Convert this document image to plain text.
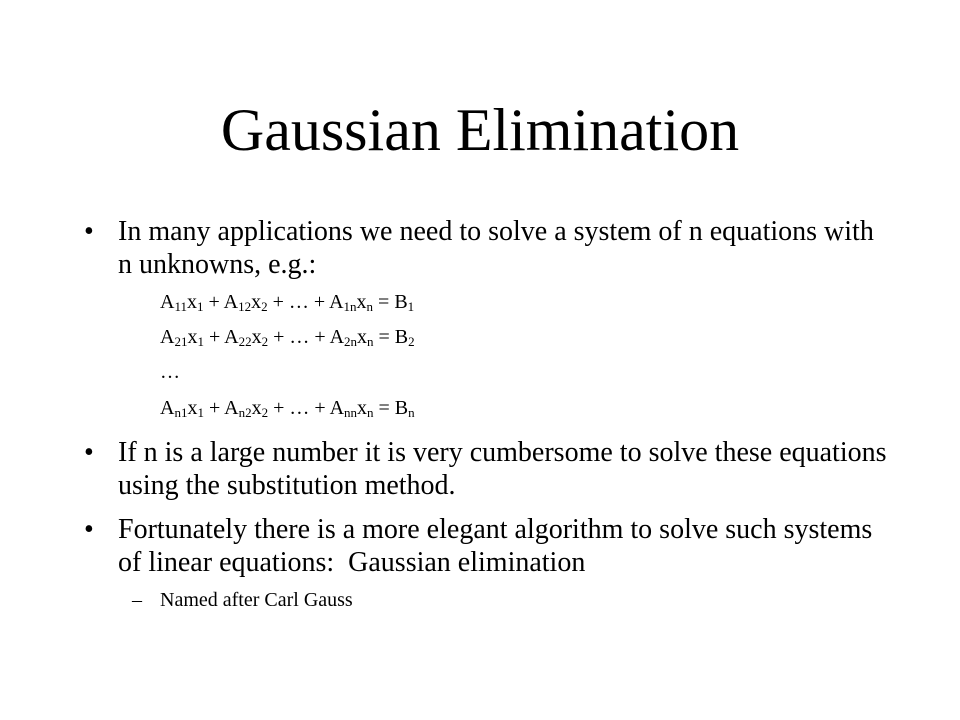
Gaussian Elimination
• In many applications we need to solve a system of n equations with n unknowns, e.g.:
$A_{11}x_1 + A_{12}x_2$ + … + $A_{1n}x_n = B_1$
$A_{21}x_1 + A_{22}x_2$ + … + $A_{2n}x_n = B_2$
…
$A_{n1}x_1 + A_{n2}x_2$ + … + $A_{nn}x_n = B_n$
• If n is a large number it is very cumbersome to solve these equations using the substitution method.
• Fortunately there is a more elegant algorithm to solve such systems of linear equations:  Gaussian elimination
– Named after Carl Gauss
